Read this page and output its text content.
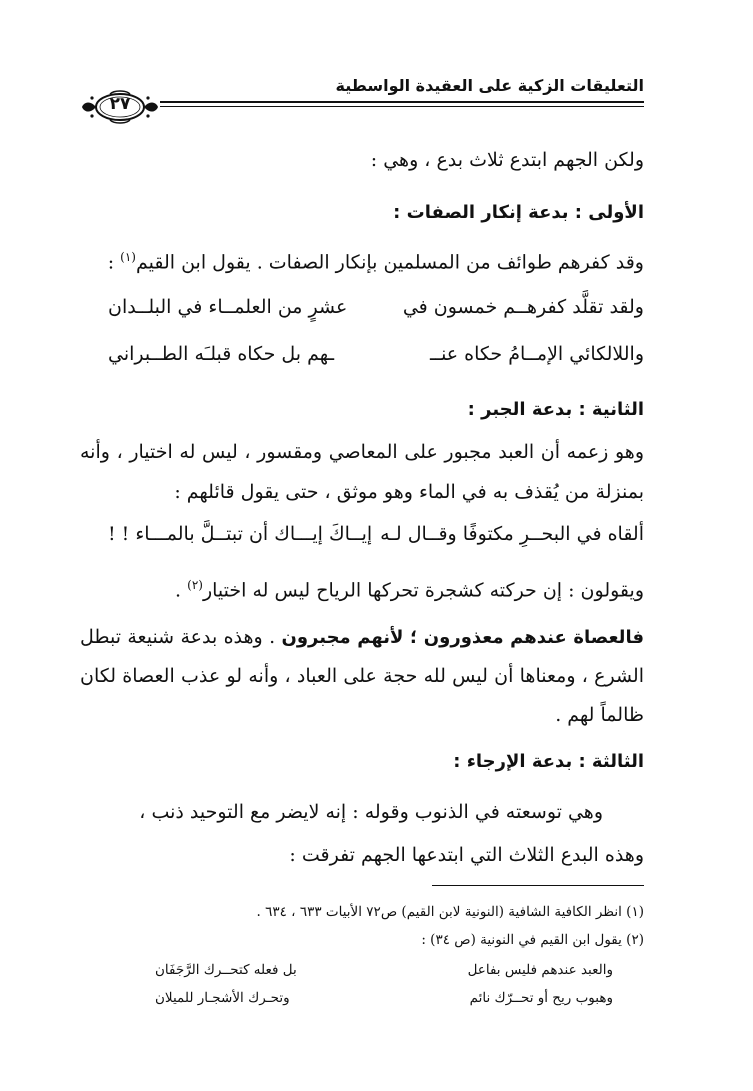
التعليقات الزكية على العقيدة الواسطية
٢٧
ولكن الجهم ابتدع ثلاث بدع ، وهي :
الأولى : بدعة إنكار الصفات :
وقد كفرهم طوائف من المسلمين بإنكار الصفات . يقول ابن القيم$^{(١)}$ :
ولقد تقلَّد كفرهــم خمسون في
عشرٍ من العلمــاء في البلــدان
واللالكائي الإمــامُ حكاه عنــ
ـهم بل حكاه قبلـَه الطــبراني
الثانية : بدعة الجبر :
وهو زعمه أن العبد مجبور على المعاصي ومقسور ، ليس له اختيار ، وأنه
بمنزلة من يُقذف به في الماء وهو موثق ، حتى يقول قائلهم :
ألقاه في البحــرِ مكتوفًا وقــال لـه
إيــاكَ إيـــاك أن تبتــلَّ بالمـــاء ! !
ويقولون : إن حركته كشجرة تحركها الرياح ليس له اختيار$^{(٢)}$ .
فالعصاة عندهم معذورون ؛ لأنهم مجبرون . وهذه بدعة شنيعة تبطل
الشرع ، ومعناها أن ليس لله حجة على العباد ، وأنه لو عذب العصاة لكان
ظالماً لهم .
الثالثة : بدعة الإرجاء :
وهي توسعته في الذنوب وقوله : إنه لايضر مع التوحيد ذنب ،
وهذه البدع الثلاث التي ابتدعها الجهم تفرقت :
(١) انظر الكافية الشافية (النونية لابن القيم) ص٧٢ الأبيات ٦٣٣ ، ٦٣٤ .
(٢) يقول ابن القيم في النونية (ص ٣٤) :
والعبد عندهم فليس بفاعل
بل فعله كتحــرك الرَّجَفَان
وهبوب ريح أو تحــرّك نائم
وتحـرك الأشجـار للميلان
